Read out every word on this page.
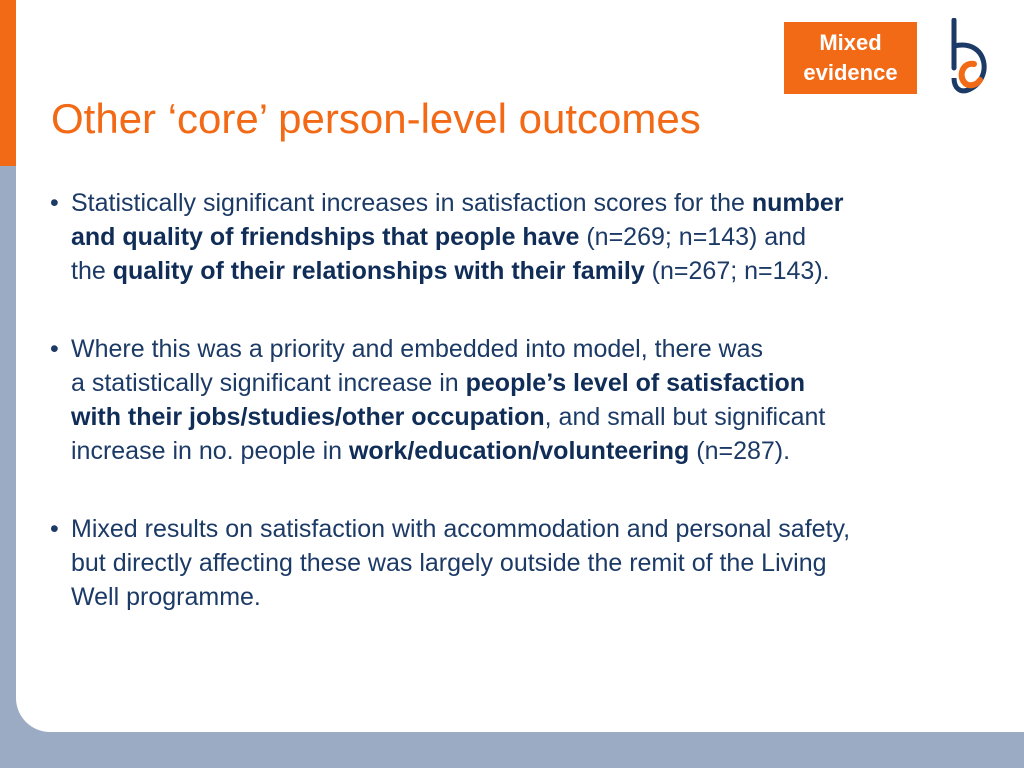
Mixed
evidence
Other ‘core’ person-level outcomes
• Statistically significant increases in satisfaction scores for the number
and quality of friendships that people have (n=269; n=143) and
the quality of their relationships with their family (n=267; n=143).
• Where this was a priority and embedded into model, there was
a statistically significant increase in people’s level of satisfaction
with their jobs/studies/other occupation, and small but significant
increase in no. people in work/education/volunteering (n=287).
• Mixed results on satisfaction with accommodation and personal safety,
but directly affecting these was largely outside the remit of the Living
Well programme.
